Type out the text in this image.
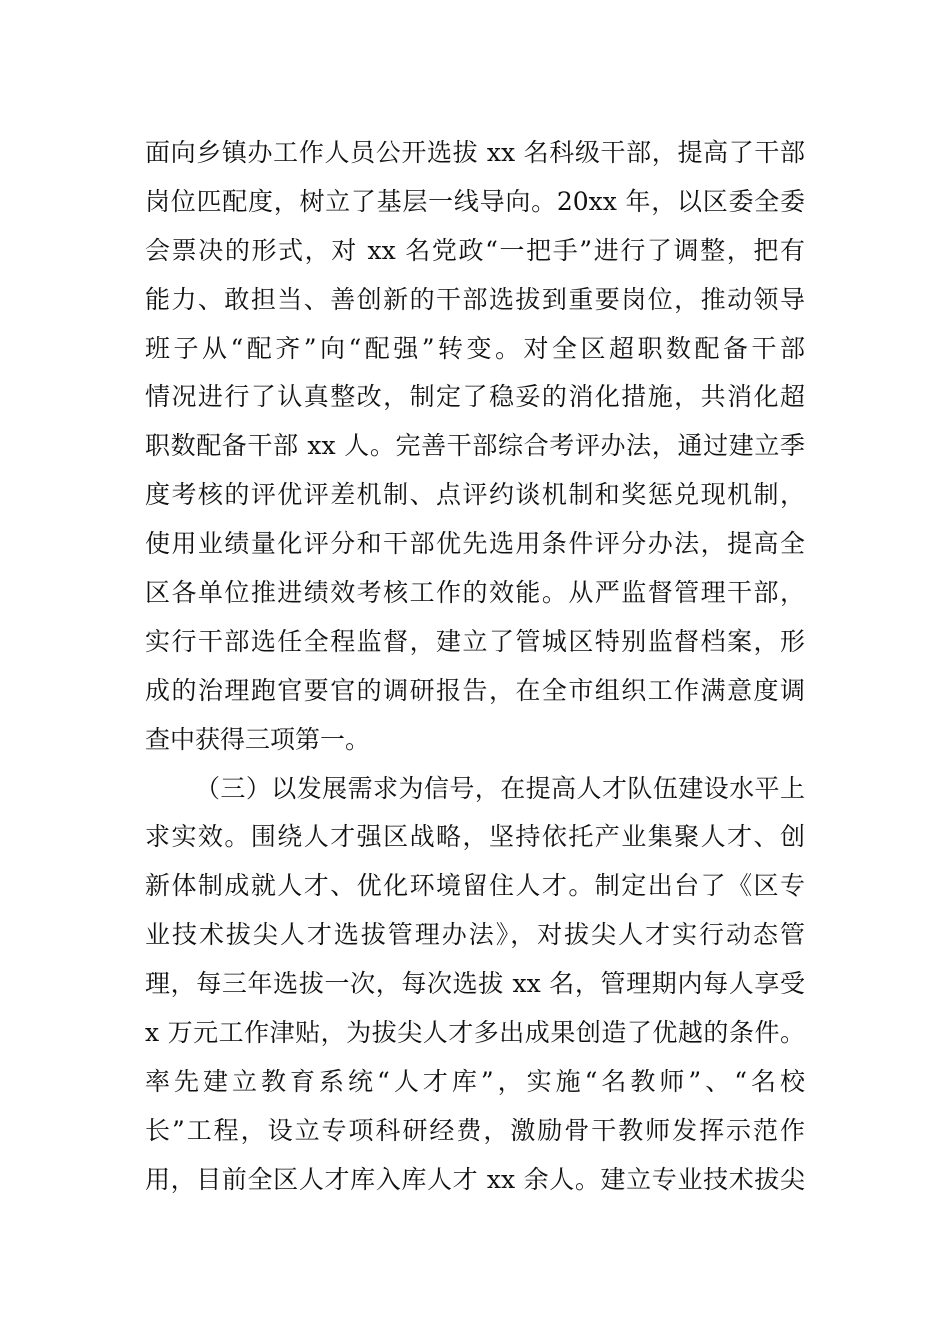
面向乡镇办工作人员公开选拔 xx 名科级干部，提高了干部
岗位匹配度，树立了基层一线导向。20xx 年，以区委全委
会票决的形式，对 xx 名党政“一把手”进行了调整，把有
能力、敢担当、善创新的干部选拔到重要岗位，推动领导
班子从“配齐”向“配强”转变。对全区超职数配备干部
情况进行了认真整改，制定了稳妥的消化措施，共消化超
职数配备干部 xx 人。完善干部综合考评办法，通过建立季
度考核的评优评差机制、点评约谈机制和奖惩兑现机制，
使用业绩量化评分和干部优先选用条件评分办法，提高全
区各单位推进绩效考核工作的效能。从严监督管理干部，
实行干部选任全程监督，建立了管城区特别监督档案，形
成的治理跑官要官的调研报告，在全市组织工作满意度调
查中获得三项第一。
（三）以发展需求为信号，在提高人才队伍建设水平上
求实效。围绕人才强区战略，坚持依托产业集聚人才、创
新体制成就人才、优化环境留住人才。制定出台了《区专
业技术拔尖人才选拔管理办法》，对拔尖人才实行动态管
理，每三年选拔一次，每次选拔 xx 名，管理期内每人享受
x 万元工作津贴，为拔尖人才多出成果创造了优越的条件。
率先建立教育系统“人才库”，实施“名教师”、“名校
长”工程，设立专项科研经费，激励骨干教师发挥示范作
用，目前全区人才库入库人才 xx 余人。建立专业技术拔尖
